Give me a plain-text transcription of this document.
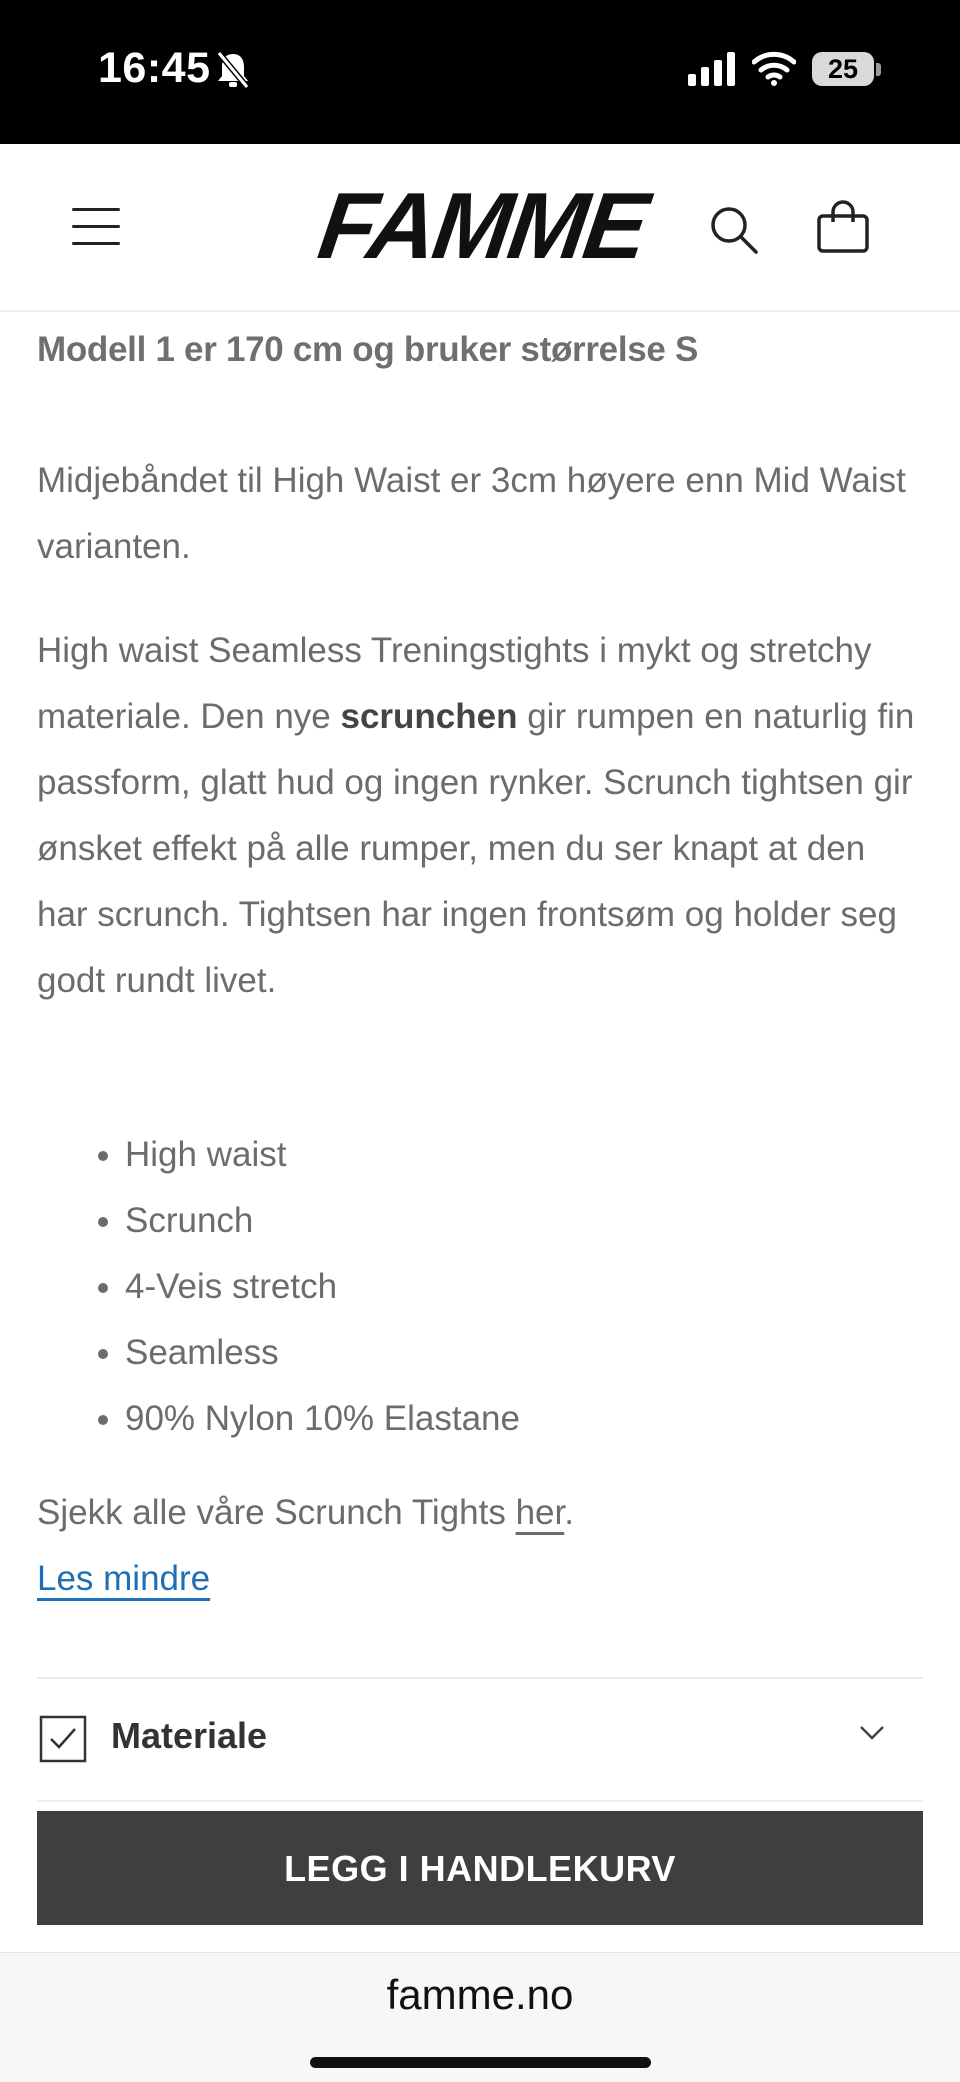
16:45	25
FAMME
Modell 1 er 170 cm og bruker størrelse S
Midjebåndet til High Waist er 3cm høyere enn Mid Waist varianten.
High waist Seamless Treningstights i mykt og stretchy materiale. Den nye scrunchen gir rumpen en naturlig fin passform, glatt hud og ingen rynker. Scrunch tightsen gir ønsket effekt på alle rumper, men du ser knapt at den har scrunch. Tightsen har ingen frontsøm og holder seg godt rundt livet.
• High waist
• Scrunch
• 4-Veis stretch
• Seamless
• 90% Nylon 10% Elastane
Sjekk alle våre Scrunch Tights her.
Les mindre
Materiale
LEGG I HANDLEKURV
famme.no
